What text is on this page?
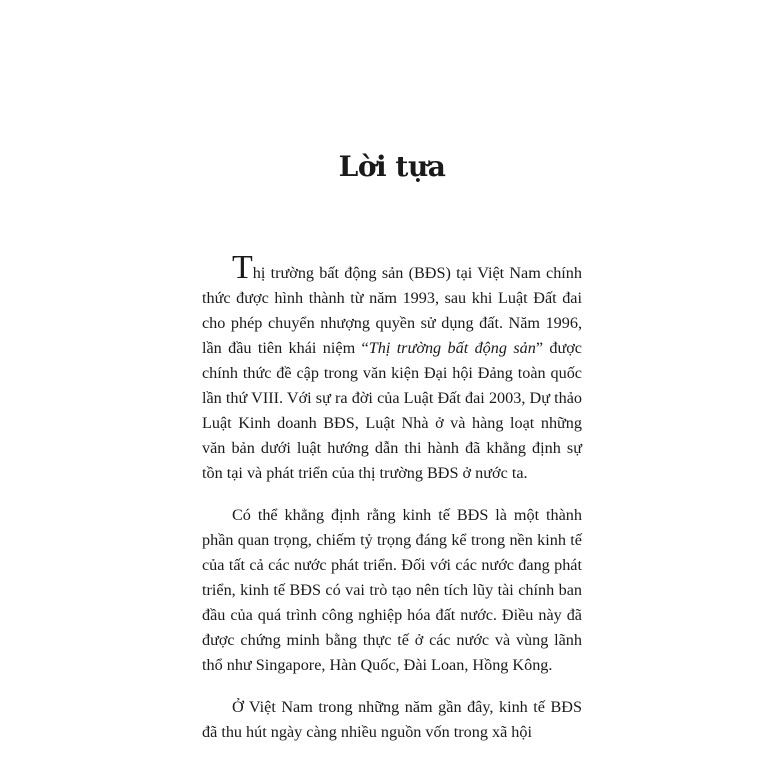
Lời tựa

Thị trường bất động sản (BĐS) tại Việt Nam chính thức được hình thành từ năm 1993, sau khi Luật Đất đai cho phép chuyển nhượng quyền sử dụng đất. Năm 1996, lần đầu tiên khái niệm “Thị trường bất động sản” được chính thức đề cập trong văn kiện Đại hội Đảng toàn quốc lần thứ VIII. Với sự ra đời của Luật Đất đai 2003, Dự thảo Luật Kinh doanh BĐS, Luật Nhà ở và hàng loạt những văn bản dưới luật hướng dẫn thi hành đã khẳng định sự tồn tại và phát triển của thị trường BĐS ở nước ta.

Có thể khẳng định rằng kinh tế BĐS là một thành phần quan trọng, chiếm tỷ trọng đáng kể trong nền kinh tế của tất cả các nước phát triển. Đối với các nước đang phát triển, kinh tế BĐS có vai trò tạo nên tích lũy tài chính ban đầu của quá trình công nghiệp hóa đất nước. Điều này đã được chứng minh bằng thực tế ở các nước và vùng lãnh thổ như Singapore, Hàn Quốc, Đài Loan, Hồng Kông.

Ở Việt Nam trong những năm gần đây, kinh tế BĐS đã thu hút ngày càng nhiều nguồn vốn trong xã hội
